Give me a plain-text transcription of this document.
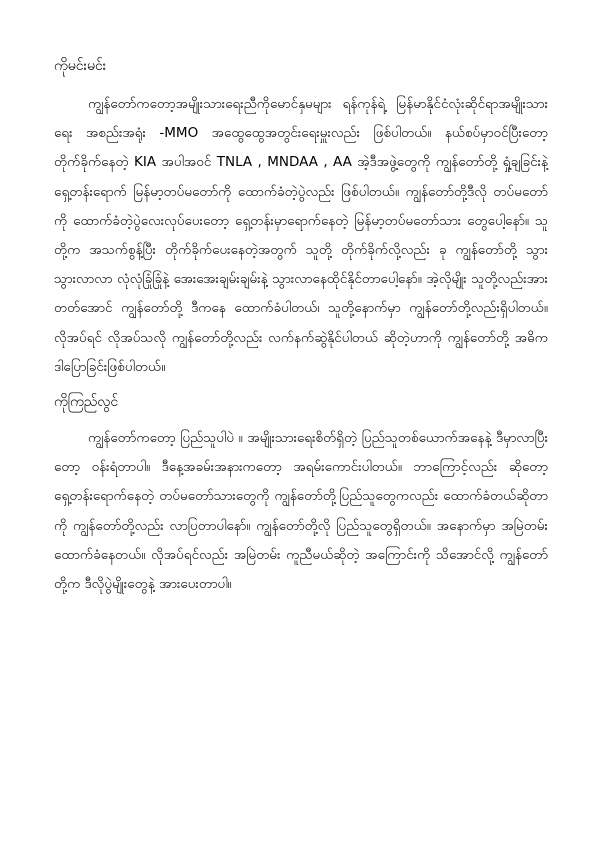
ကိုမင်းမင်း

ကျွန်တော်ကတော့အမျိုးသားရေးညီကိုမောင်နှမများ ရန်ကုန်ရဲ့ မြန်မာနိုင်ငံလုံးဆိုင်ရာအမျိုးသားရေး အစည်းအရုံး -MMO အထွေထွေအတွင်းရေးမှူးလည်း ဖြစ်ပါတယ်။ နယ်စပ်မှာဝင်ပြီးတော့ တိုက်ခိုက်နေတဲ့ KIA အပါအဝင် TNLA , MNDAA , AA အဲ့ဒီအဖွဲ့တွေကို ကျွန်တော်တို့ ရှုံ့ချခြင်းနဲ့ ရှေ့တန်းရောက် မြန်မာ့တပ်မတော်ကို ထောက်ခံတဲ့ပွဲလည်း ဖြစ်ပါတယ်။ ကျွန်တော်တို့ဒီလို တပ်မတော်ကို ထောက်ခံတဲ့ပွဲလေးလုပ်ပေးတော့ ရှေ့တန်းမှာရောက်နေတဲ့ မြန်မာ့တပ်မတော်သား တွေပေါ့နော်။ သူတို့က အသက်စွန့်ပြီး တိုက်ခိုက်ပေးနေတဲ့အတွက် သူတို့ တိုက်ခိုက်လို့လည်း ခု ကျွန်တော်တို့ သွားသွားလာလာ လုံလုံခြုံခြုံနဲ့ အေးအေးချမ်းချမ်းနဲ့ သွားလာနေထိုင်နိုင်တာပေါ့နော်။ အဲ့လိုမျိုး သူတို့လည်းအားတတ်အောင် ကျွန်တော်တို့ ဒီကနေ ထောက်ခံပါတယ်၊ သူတို့နောက်မှာ ကျွန်တော်တို့လည်းရှိပါတယ်။ လိုအပ်ရင် လိုအပ်သလို ကျွန်တော်တို့လည်း လက်နက်ဆွဲနိုင်ပါတယ် ဆိုတဲ့ဟာကို ကျွန်တော်တို့ အဓိက ဒါပြောခြင်းဖြစ်ပါတယ်။

ကိုကြည်လွင်

ကျွန်တော်ကတော့ ပြည်သူပါပဲ ။ အမျိုးသားရေးစိတ်ရှိတဲ့ ပြည်သူတစ်ယောက်အနေနဲ့ ဒီမှာလာပြီးတော့ ဝန်းရံတာပါ။ ဒီနေ့အခမ်းအနားကတော့ အရမ်းကောင်းပါတယ်။ ဘာကြောင့်လည်း ဆိုတော့ ရှေ့တန်းရောက်နေတဲ့ တပ်မတော်သားတွေကို ကျွန်တော်တို့ပြည်သူတွေကလည်း ထောက်ခံတယ်ဆိုတာကို ကျွန်တော်တို့လည်း လာပြတာပါနော်။ ကျွန်တော်တို့လို ပြည်သူတွေရှိတယ်။ အနောက်မှာ အမြဲတမ်း ထောက်ခံနေတယ်။ လိုအပ်ရင်လည်း အမြဲတမ်း ကူညီမယ်ဆိုတဲ့ အကြောင်းကို သိအောင်လို့ ကျွန်တော်တို့က ဒီလိုပွဲမျိုးတွေနဲ့ အားပေးတာပါ။
